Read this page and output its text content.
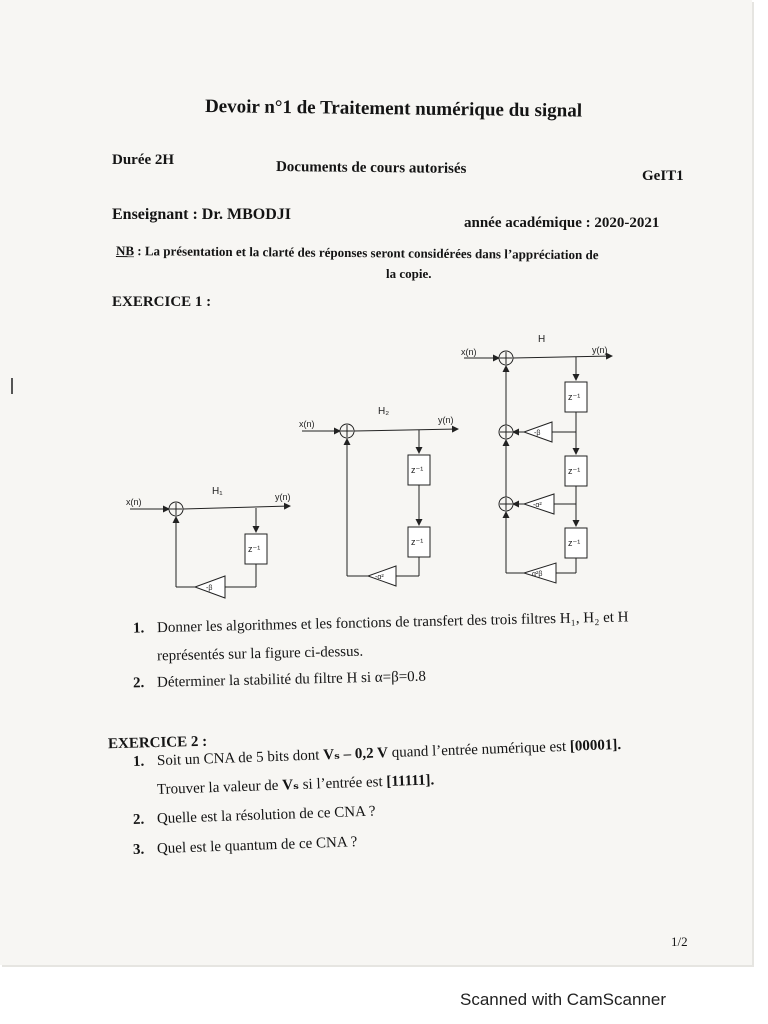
Devoir n°1 de Traitement numérique du signal
Durée 2H	Documents de cours autorisés	GeIT1
Enseignant : Dr. MBODJI	année académique : 2020-2021
NB : La présentation et la clarté des réponses seront considérées dans l’appréciation de
la copie.
EXERCICE 1 :
H₁
x(n)	y(n)
z⁻¹
-β
H₂
x(n)	y(n)
z⁻¹
z⁻¹
-α²
H
x(n)	y(n)
z⁻¹
-β
z⁻¹
-α²
z⁻¹
α²β
1. Donner les algorithmes et les fonctions de transfert des trois filtres H₁, H₂ et H
représentés sur la figure ci-dessus.
2. Déterminer la stabilité du filtre H si α=β=0.8
EXERCICE 2 :
1. Soit un CNA de 5 bits dont Vₛ – 0,2 V quand l’entrée numérique est [00001].
Trouver la valeur de Vₛ si l’entrée est [11111].
2. Quelle est la résolution de ce CNA ?
3. Quel est le quantum de ce CNA ?
1/2
Scanned with CamScanner
